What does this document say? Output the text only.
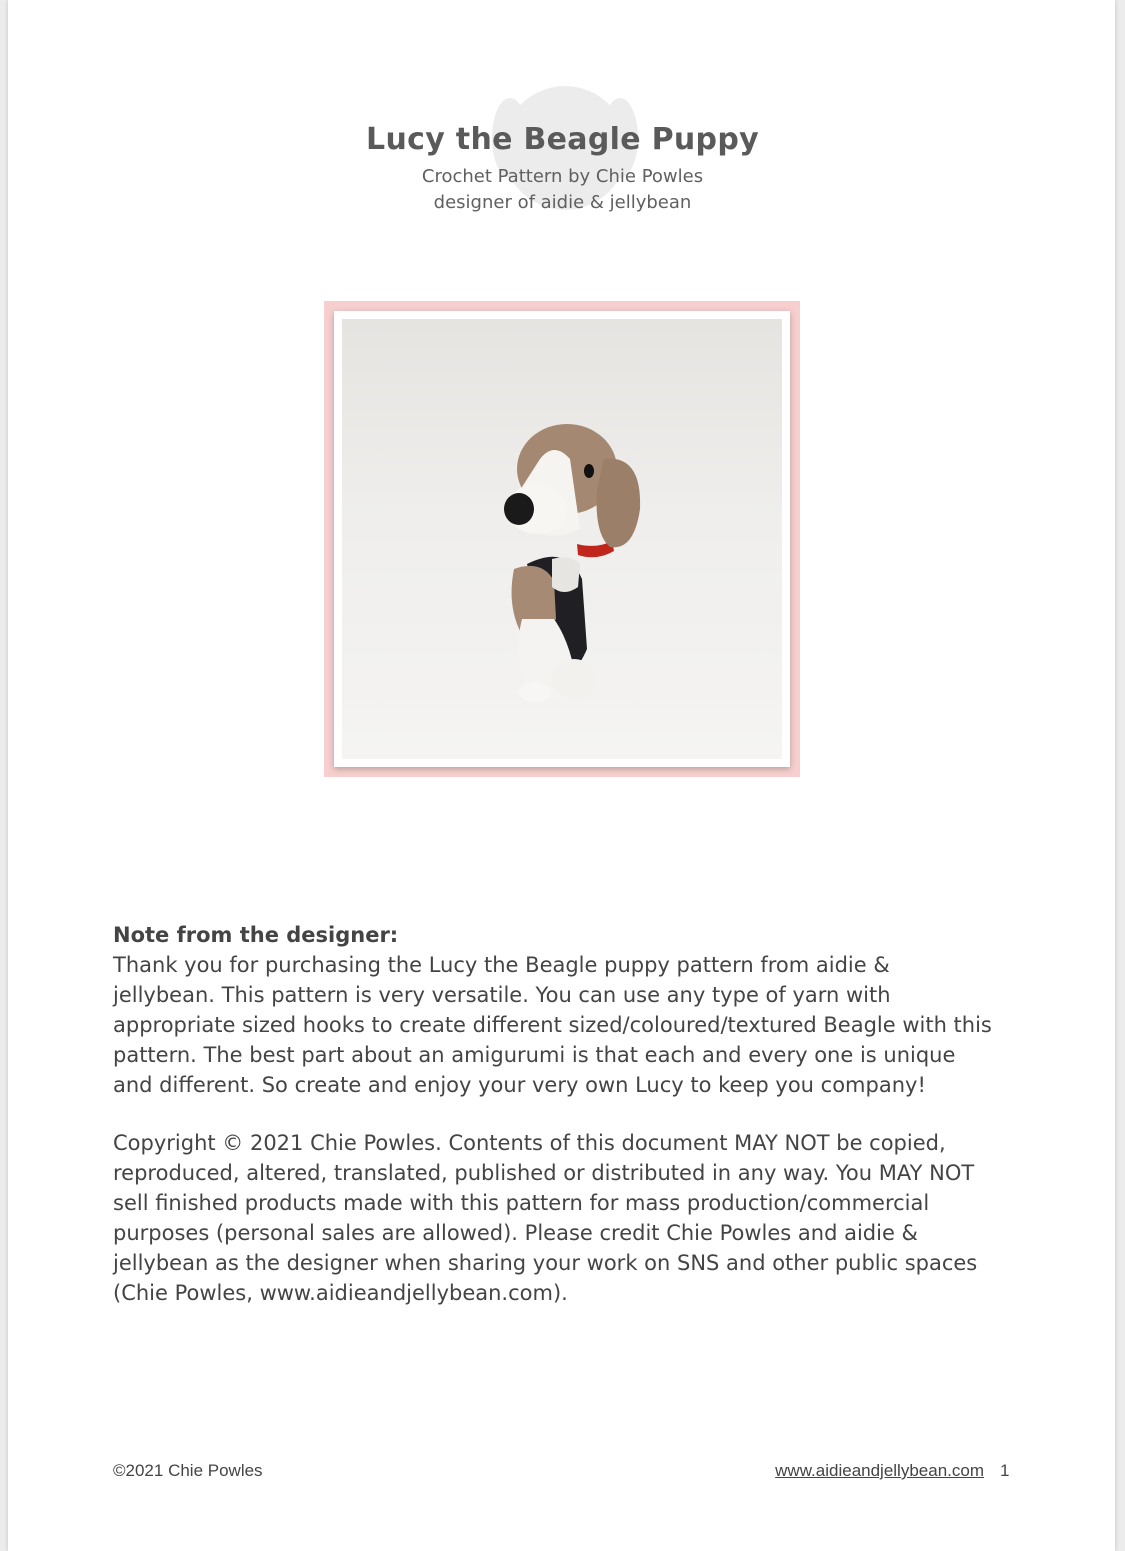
Lucy the Beagle Puppy
Crochet Pattern by Chie Powles
designer of aidie & jellybean
Note from the designer:

Thank you for purchasing the Lucy the Beagle puppy pattern from aidie & jellybean. This pattern is very versatile. You can use any type of yarn with appropriate sized hooks to create different sized/coloured/textured Beagle with this pattern. The best part about an amigurumi is that each and every one is unique and different. So create and enjoy your very own Lucy to keep you company!

Copyright © 2021 Chie Powles. Contents of this document MAY NOT be copied, reproduced, altered, translated, published or distributed in any way. You MAY NOT sell finished products made with this pattern for mass production/commercial purposes (personal sales are allowed). Please credit Chie Powles and aidie & jellybean as the designer when sharing your work on SNS and other public spaces (Chie Powles, www.aidieandjellybean.com).

©2021 Chie Powles	www.aidieandjellybean.com 1
